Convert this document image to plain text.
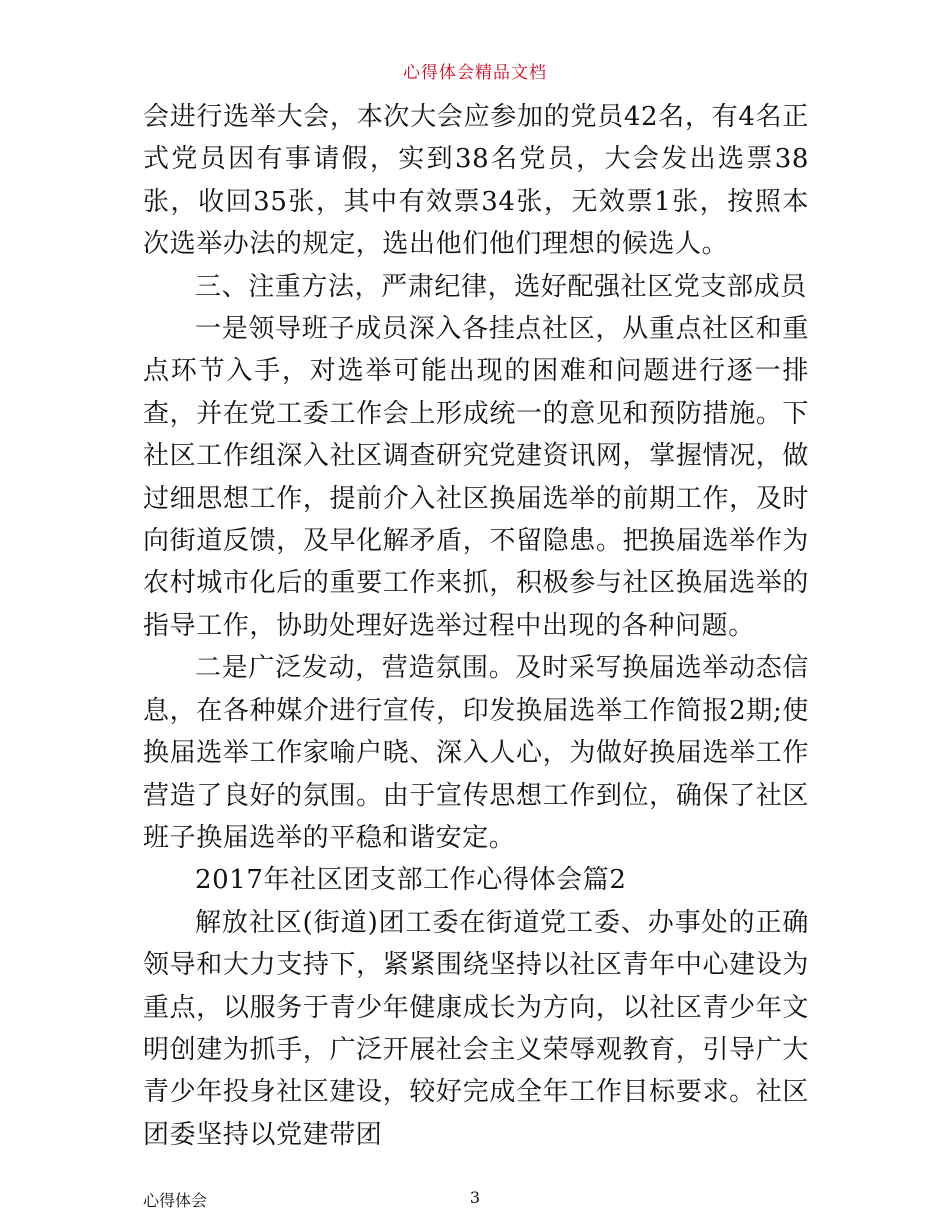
心得体会精品文档

会进行选举大会，本次大会应参加的党员42名，有4名正式党员因有事请假，实到38名党员，大会发出选票38张，收回35张，其中有效票34张，无效票1张，按照本次选举办法的规定，选出他们他们理想的候选人。

三、注重方法，严肃纪律，选好配强社区党支部成员

一是领导班子成员深入各挂点社区，从重点社区和重点环节入手，对选举可能出现的困难和问题进行逐一排查，并在党工委工作会上形成统一的意见和预防措施。下社区工作组深入社区调查研究党建资讯网，掌握情况，做过细思想工作，提前介入社区换届选举的前期工作，及时向街道反馈，及早化解矛盾，不留隐患。把换届选举作为农村城市化后的重要工作来抓，积极参与社区换届选举的指导工作，协助处理好选举过程中出现的各种问题。

二是广泛发动，营造氛围。及时采写换届选举动态信息，在各种媒介进行宣传，印发换届选举工作简报2期;使换届选举工作家喻户晓、深入人心，为做好换届选举工作营造了良好的氛围。由于宣传思想工作到位，确保了社区班子换届选举的平稳和谐安定。

2017年社区团支部工作心得体会篇2

解放社区(街道)团工委在街道党工委、办事处的正确领导和大力支持下，紧紧围绕坚持以社区青年中心建设为重点，以服务于青少年健康成长为方向，以社区青少年文明创建为抓手，广泛开展社会主义荣辱观教育，引导广大青少年投身社区建设，较好完成全年工作目标要求。社区团委坚持以党建带团

心得体会	3
